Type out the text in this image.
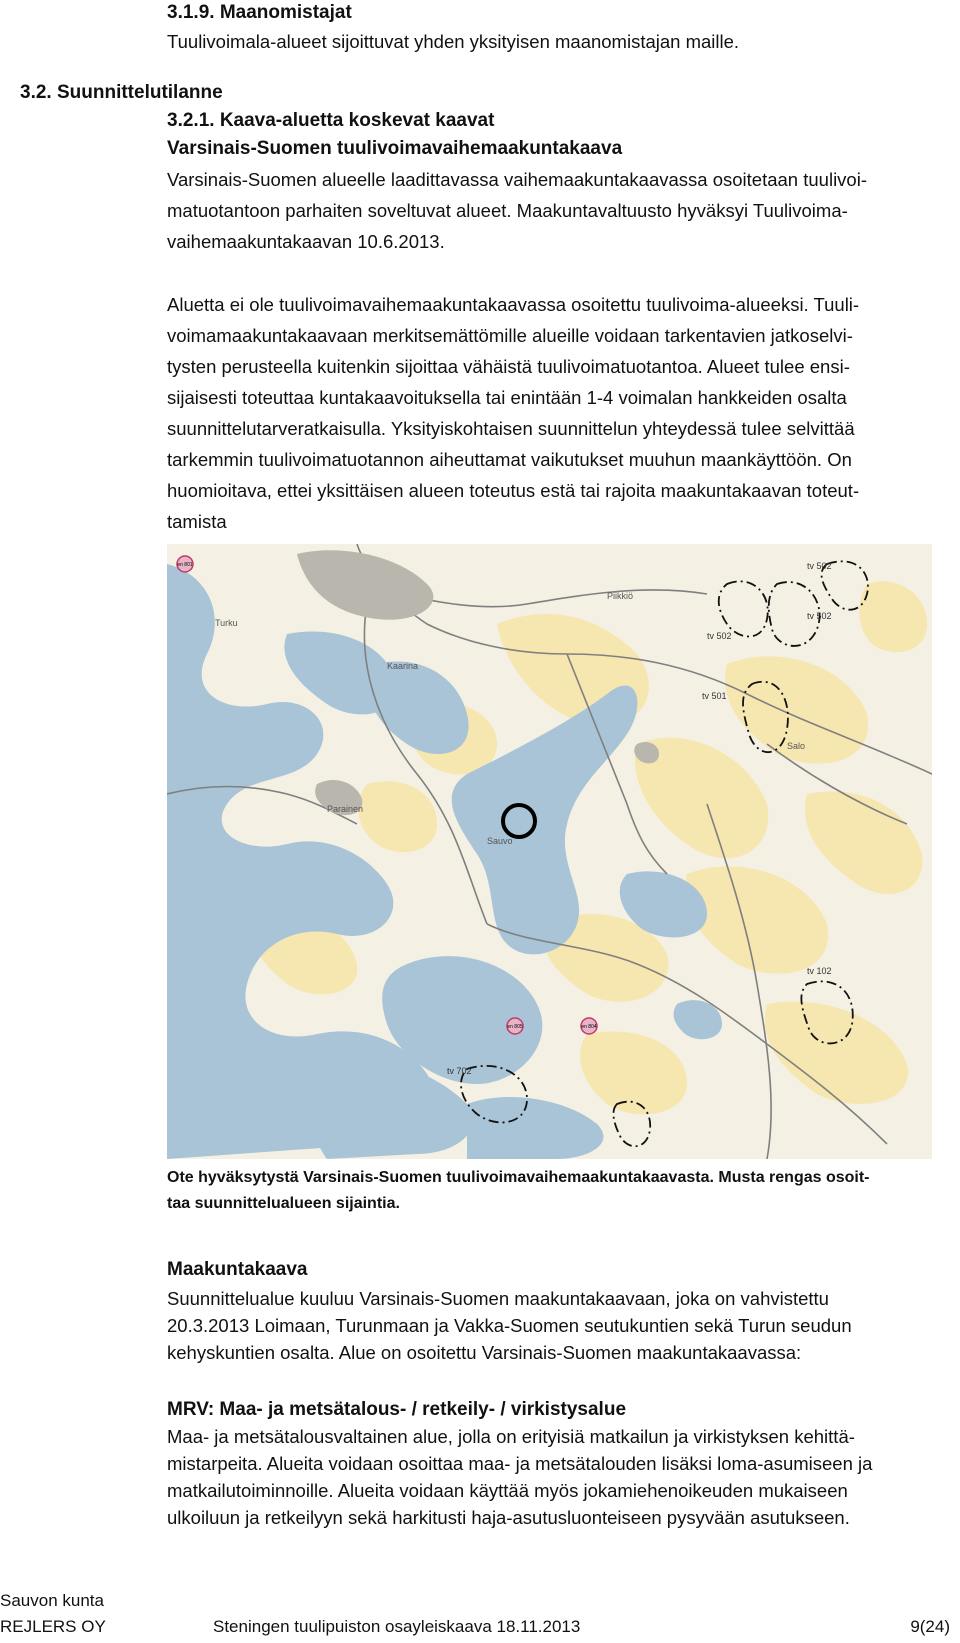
3.1.9. Maanomistajat
Tuulivoimala-alueet sijoittuvat yhden yksityisen maanomistajan maille.
3.2. Suunnittelutilanne
3.2.1. Kaava-aluetta koskevat kaavat
Varsinais-Suomen tuulivoimavaihemaakuntakaava
Varsinais-Suomen alueelle laadittavassa vaihemaakuntakaavassa osoitetaan tuulivoi-
matuotantoon parhaiten soveltuvat alueet. Maakuntavaltuusto hyväksyi Tuulivoima-
vaihemaakuntakaavan 10.6.2013.
Aluetta ei ole tuulivoimavaihemaakuntakaavassa osoitettu tuulivoima-alueeksi. Tuuli-
voimamaakuntakaavaan merkitsemättömille alueille voidaan tarkentavien jatkoselvi-
tysten perusteella kuitenkin sijoittaa vähäistä tuulivoimatuotantoa. Alueet tulee ensi-
sijaisesti toteuttaa kuntakaavoituksella tai enintään 1-4 voimalan hankkeiden osalta
suunnittelutarveratkaisulla. Yksityiskohtaisen suunnittelun yhteydessä tulee selvittää
tarkemmin tuulivoimatuotannon aiheuttamat vaikutukset muuhun maankäyttöön. On
huomioitava, ettei yksittäisen alueen toteutus estä tai rajoita maakuntakaavan toteut-
tamista
tv 502
tv 502
tv 502
tv 501
tv 102
tv 702
Turku
Piikkiö
Kaarina
Salo
Sauvo
Parainen
en 801
en 805	en 804
Ote hyväksytystä Varsinais-Suomen tuulivoimavaihemaakuntakaavasta. Musta rengas osoit-
taa suunnittelualueen sijaintia.
Maakuntakaava
Suunnittelualue kuuluu Varsinais-Suomen maakuntakaavaan, joka on vahvistettu
20.3.2013 Loimaan, Turunmaan ja Vakka-Suomen seutukuntien sekä Turun seudun
kehyskuntien osalta. Alue on osoitettu Varsinais-Suomen maakuntakaavassa:
MRV: Maa- ja metsätalous- / retkeily- / virkistysalue
Maa- ja metsätalousvaltainen alue, jolla on erityisiä matkailun ja virkistyksen kehittä-
mistarpeita. Alueita voidaan osoittaa maa- ja metsätalouden lisäksi loma-asumiseen ja
matkailutoiminnoille. Alueita voidaan käyttää myös jokamiehenoikeuden mukaiseen
ulkoiluun ja retkeilyyn sekä harkitusti haja-asutusluonteiseen pysyvään asutukseen.
Sauvon kunta
REJLERS OY	Steningen tuulipuiston osayleiskaava 18.11.2013	9(24)
